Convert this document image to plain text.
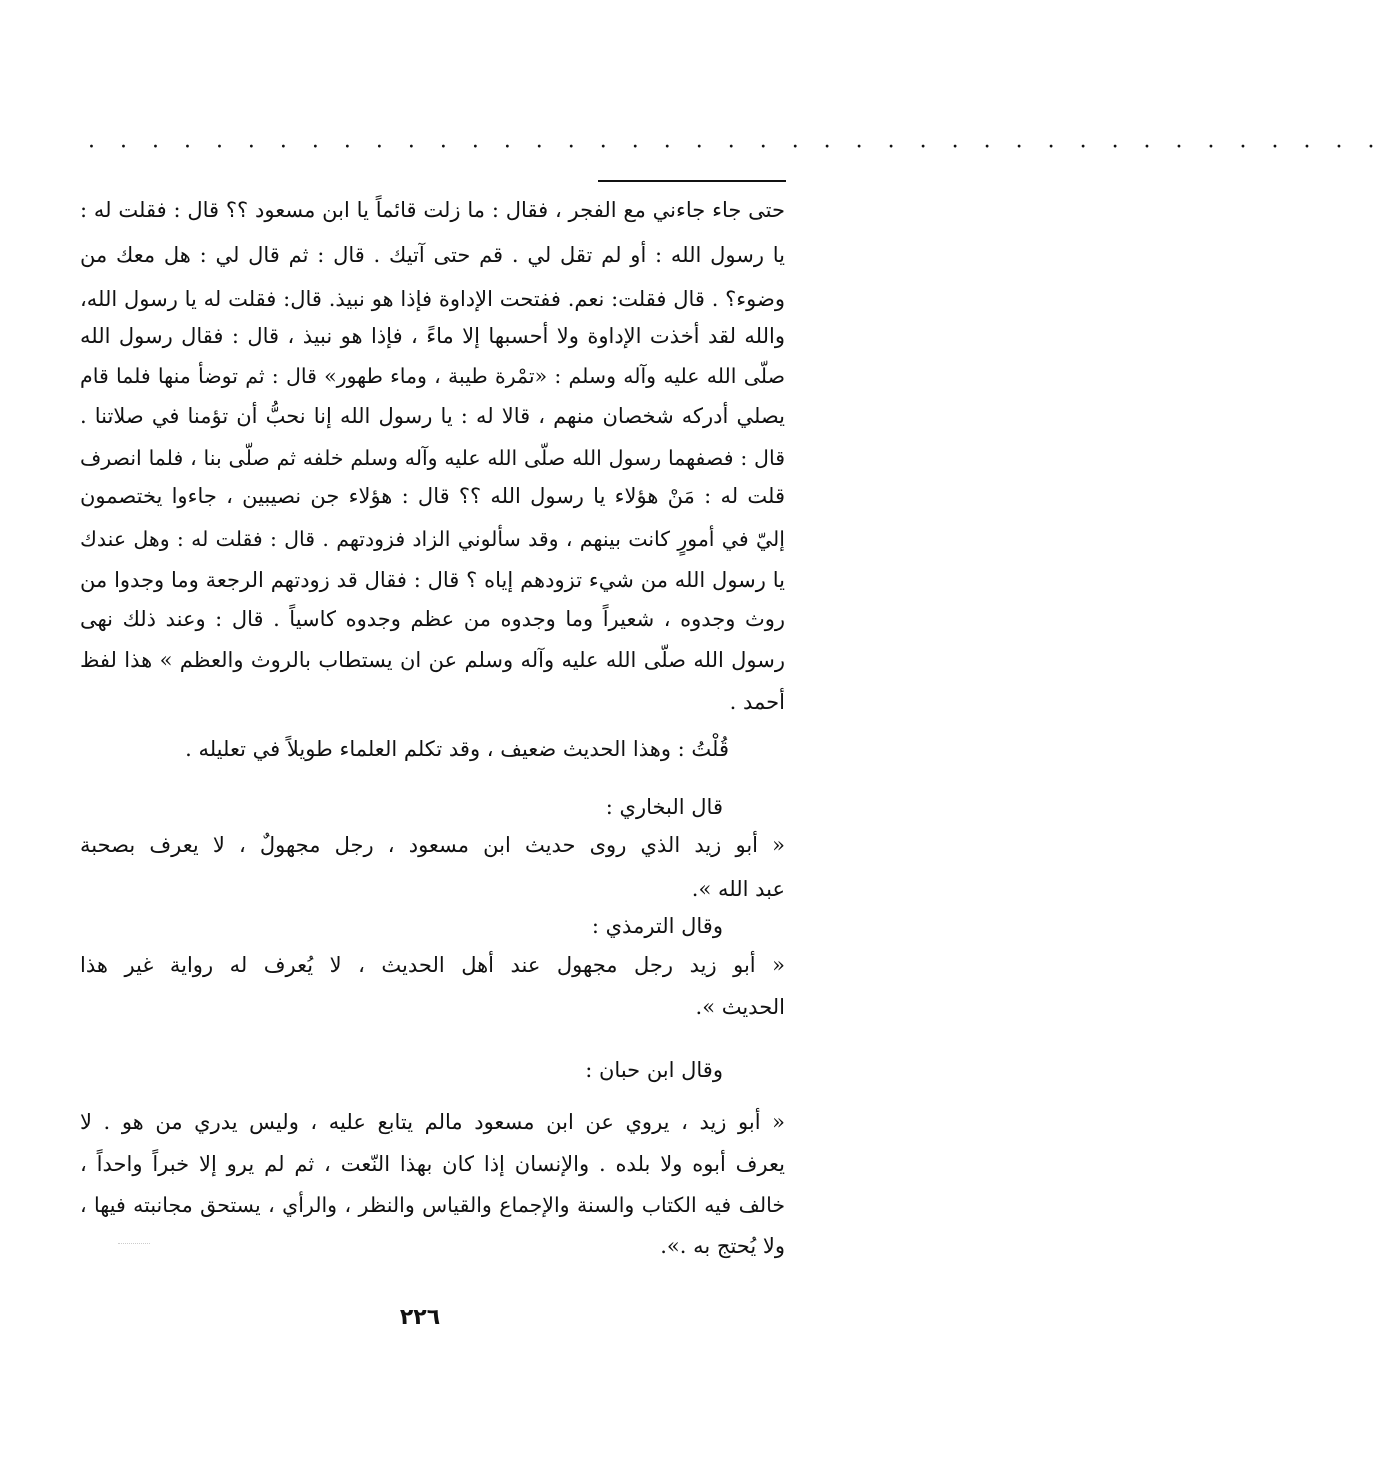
· · · · · · · · · · · · · · · · · · · · · · · · · · · · · · · · · · · · · · · · ·
حتى جاء جاءني مع الفجر ، فقال : ما زلت قائماً يا ابن مسعود ؟؟ قال : فقلت له :
يا رسول الله : أو لم تقل لي . قم حتى آتيك . قال : ثم قال لي : هل معك من
وضوء؟ . قال فقلت: نعم. ففتحت الإداوة فإذا هو نبيذ. قال: فقلت له يا رسول الله،
والله لقد أخذت الإداوة ولا أحسبها إلا ماءً ، فإذا هو نبيذ ، قال : فقال رسول الله
صلّى الله عليه وآله وسلم : «تمْرة طيبة ، وماء طهور» قال : ثم توضأ منها فلما قام
يصلي أدركه شخصان منهم ، قالا له : يا رسول الله إنا نحبُّ أن تؤمنا في صلاتنا .
قال : فصفهما رسول الله صلّى الله عليه وآله وسلم خلفه ثم صلّى بنا ، فلما انصرف
قلت له : مَنْ هؤلاء يا رسول الله ؟؟ قال : هؤلاء جن نصيبين ، جاءوا يختصمون
إليّ في أمورٍ كانت بينهم ، وقد سألوني الزاد فزودتهم . قال : فقلت له : وهل عندك
يا رسول الله من شيء تزودهم إياه ؟ قال : فقال قد زودتهم الرجعة وما وجدوا من
روث وجدوه ، شعيراً وما وجدوه من عظم وجدوه كاسياً . قال : وعند ذلك نهى
رسول الله صلّى الله عليه وآله وسلم عن ان يستطاب بالروث والعظم » هذا لفظ
أحمد .
قُلْتُ : وهذا الحديث ضعيف ، وقد تكلم العلماء طويلاً في تعليله .
قال البخاري :
« أبو زيد الذي روى حديث ابن مسعود ، رجل مجهولٌ ، لا يعرف بصحبة
عبد الله ».
وقال الترمذي :
« أبو زيد رجل مجهول عند أهل الحديث ، لا يُعرف له رواية غير هذا
الحديث ».
وقال ابن حبان :
« أبو زيد ، يروي عن ابن مسعود مالم يتابع عليه ، وليس يدري من هو . لا
يعرف أبوه ولا بلده . والإنسان إذا كان بهذا النّعت ، ثم لم يرو إلا خبراً واحداً ،
خالف فيه الكتاب والسنة والإجماع والقياس والنظر ، والرأي ، يستحق مجانبته فيها ،
ولا يُحتج به .».
٢٢٦
